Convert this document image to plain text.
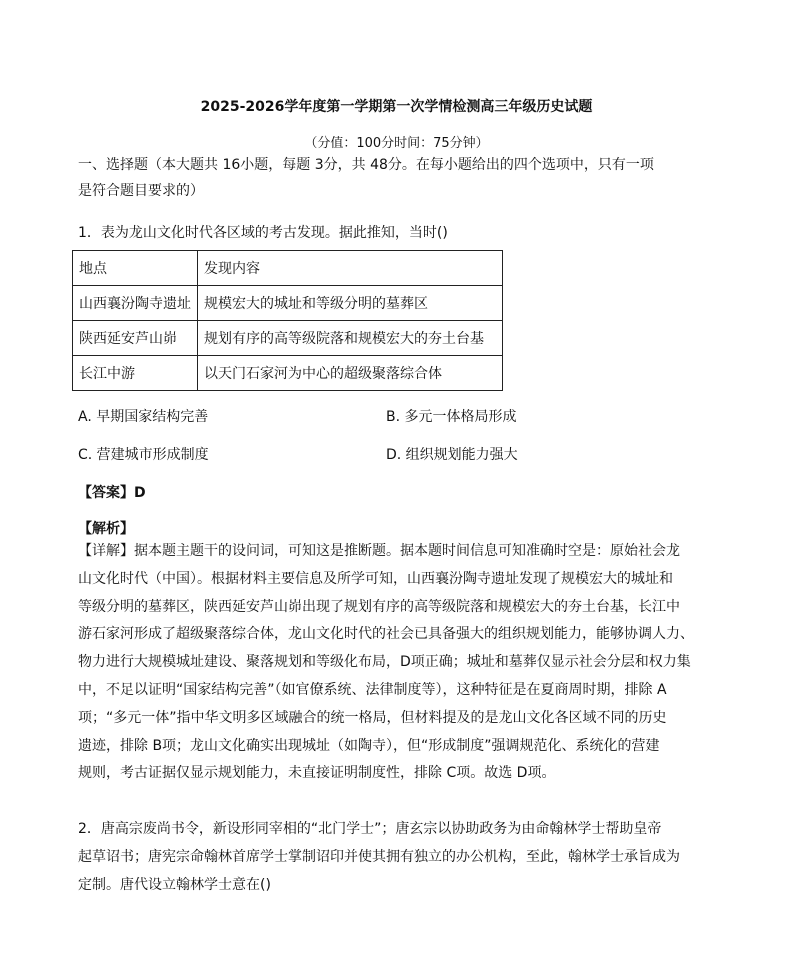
2025-2026学年度第一学期第一次学情检测高三年级历史试题
（分值：100分时间：75分钟）
一、选择题（本大题共 16小题，每题 3分，共 48分。在每小题给出的四个选项中，只有一项
是符合题目要求的）
1．表为龙山文化时代各区域的考古发现。据此推知，当时()
地点	发现内容
山西襄汾陶寺遗址	规模宏大的城址和等级分明的墓葬区
陕西延安芦山峁	规划有序的高等级院落和规模宏大的夯土台基
长江中游	以天门石家河为中心的超级聚落综合体
A. 早期国家结构完善	B. 多元一体格局形成
C. 营建城市形成制度	D. 组织规划能力强大
【答案】D
【解析】
【详解】据本题主题干的设问词，可知这是推断题。据本题时间信息可知准确时空是：原始社会龙
山文化时代（中国）。根据材料主要信息及所学可知，山西襄汾陶寺遗址发现了规模宏大的城址和
等级分明的墓葬区，陕西延安芦山峁出现了规划有序的高等级院落和规模宏大的夯土台基，长江中
游石家河形成了超级聚落综合体，龙山文化时代的社会已具备强大的组织规划能力，能够协调人力、
物力进行大规模城址建设、聚落规划和等级化布局，D项正确；城址和墓葬仅显示社会分层和权力集
中，不足以证明“国家结构完善”（如官僚系统、法律制度等），这种特征是在夏商周时期，排除 A
项；“多元一体”指中华文明多区域融合的统一格局，但材料提及的是龙山文化各区域不同的历史
遗迹，排除 B项；龙山文化确实出现城址（如陶寺），但“形成制度”强调规范化、系统化的营建
规则，考古证据仅显示规划能力，未直接证明制度性，排除 C项。故选 D项。
2．唐高宗废尚书令，新设形同宰相的“北门学士”；唐玄宗以协助政务为由命翰林学士帮助皇帝
起草诏书；唐宪宗命翰林首席学士掌制诏印并使其拥有独立的办公机构，至此，翰林学士承旨成为
定制。唐代设立翰林学士意在()
